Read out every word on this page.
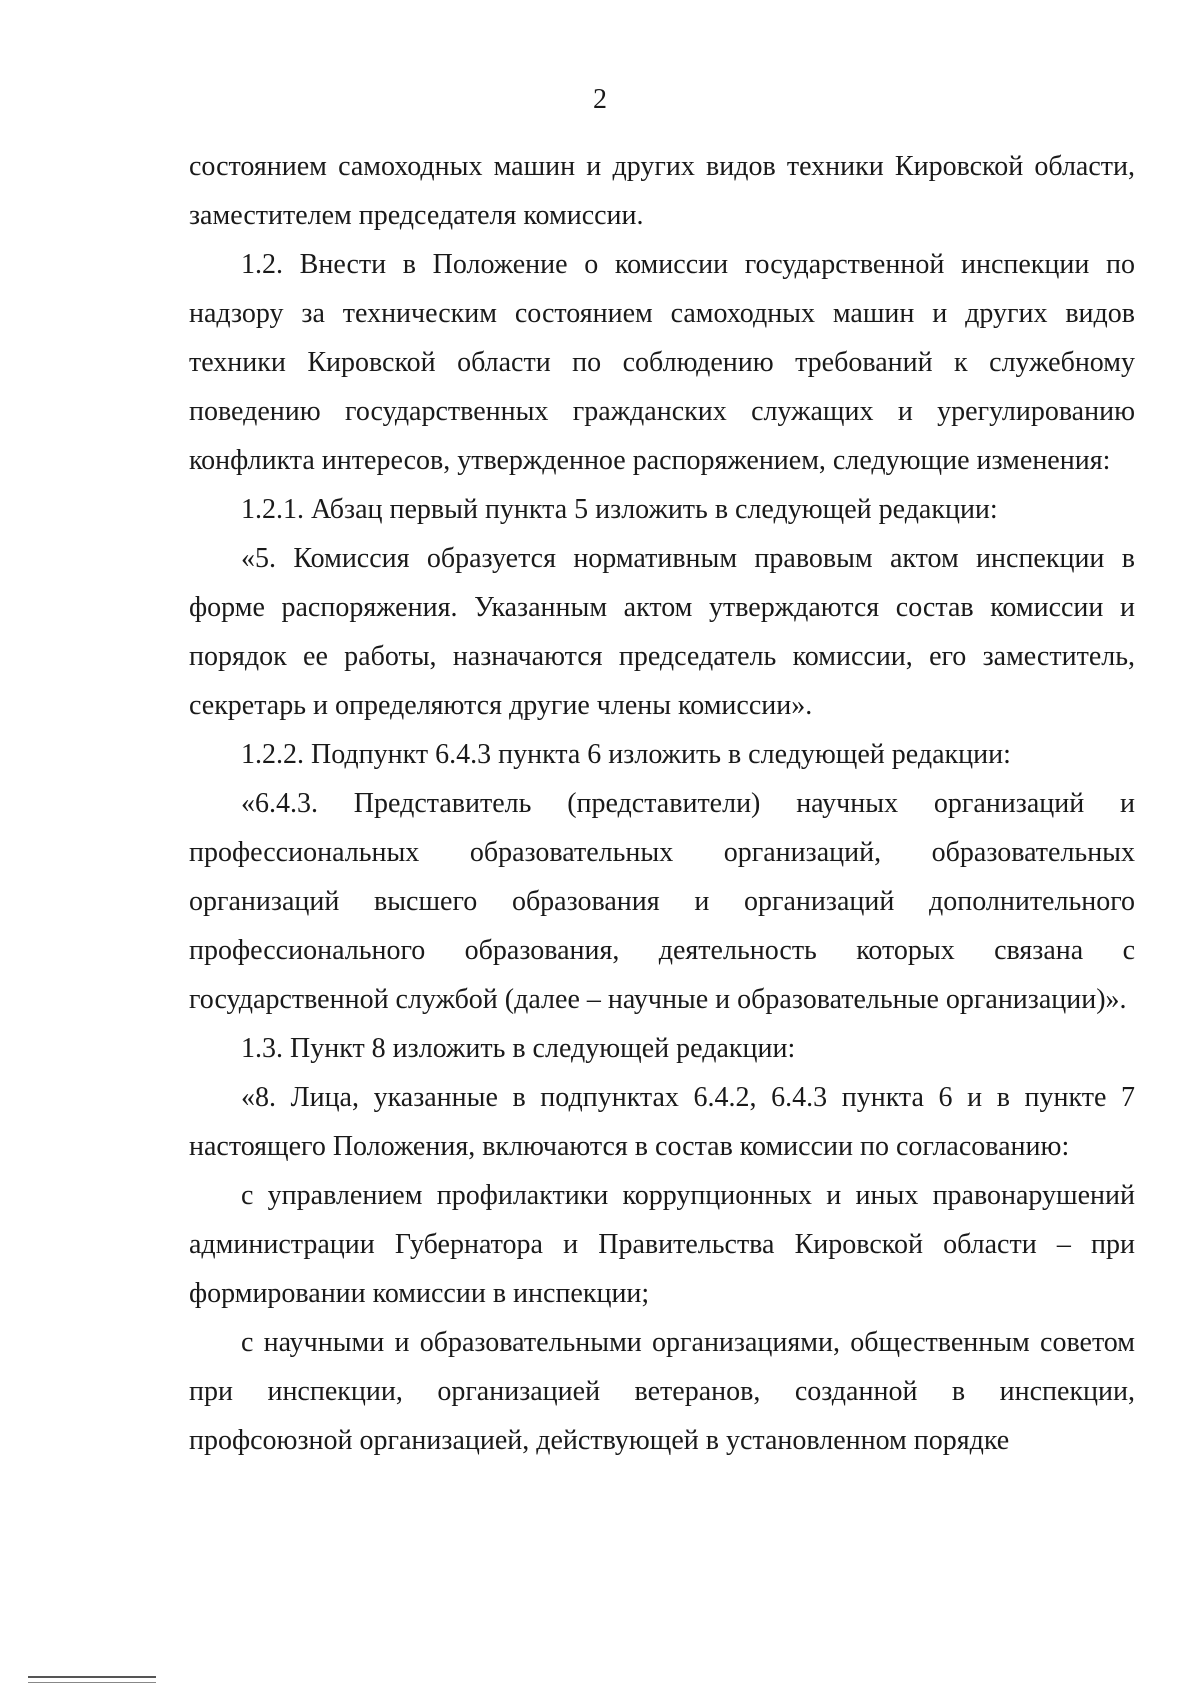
2

состоянием самоходных машин и других видов техники Кировской области, заместителем председателя комиссии.

1.2. Внести в Положение о комиссии государственной инспекции по надзору за техническим состоянием самоходных машин и других видов техники Кировской области по соблюдению требований к служебному поведению государственных гражданских служащих и урегулированию конфликта интересов, утвержденное распоряжением, следующие изменения:

1.2.1. Абзац первый пункта 5 изложить в следующей редакции:

«5. Комиссия образуется нормативным правовым актом инспекции в форме распоряжения. Указанным актом утверждаются состав комиссии и порядок ее работы, назначаются председатель комиссии, его заместитель, секретарь и определяются другие члены комиссии».

1.2.2. Подпункт 6.4.3 пункта 6 изложить в следующей редакции:

«6.4.3. Представитель (представители) научных организаций и профессиональных образовательных организаций, образовательных организаций высшего образования и организаций дополнительного профессионального образования, деятельность которых связана с государственной службой (далее – научные и образовательные организации)».

1.3. Пункт 8 изложить в следующей редакции:

«8. Лица, указанные в подпунктах 6.4.2, 6.4.3 пункта 6 и в пункте 7 настоящего Положения, включаются в состав комиссии по согласованию:

с управлением профилактики коррупционных и иных правонарушений администрации Губернатора и Правительства Кировской области – при формировании комиссии в инспекции;

с научными и образовательными организациями, общественным советом при инспекции, организацией ветеранов, созданной в инспекции, профсоюзной организацией, действующей в установленном порядке
